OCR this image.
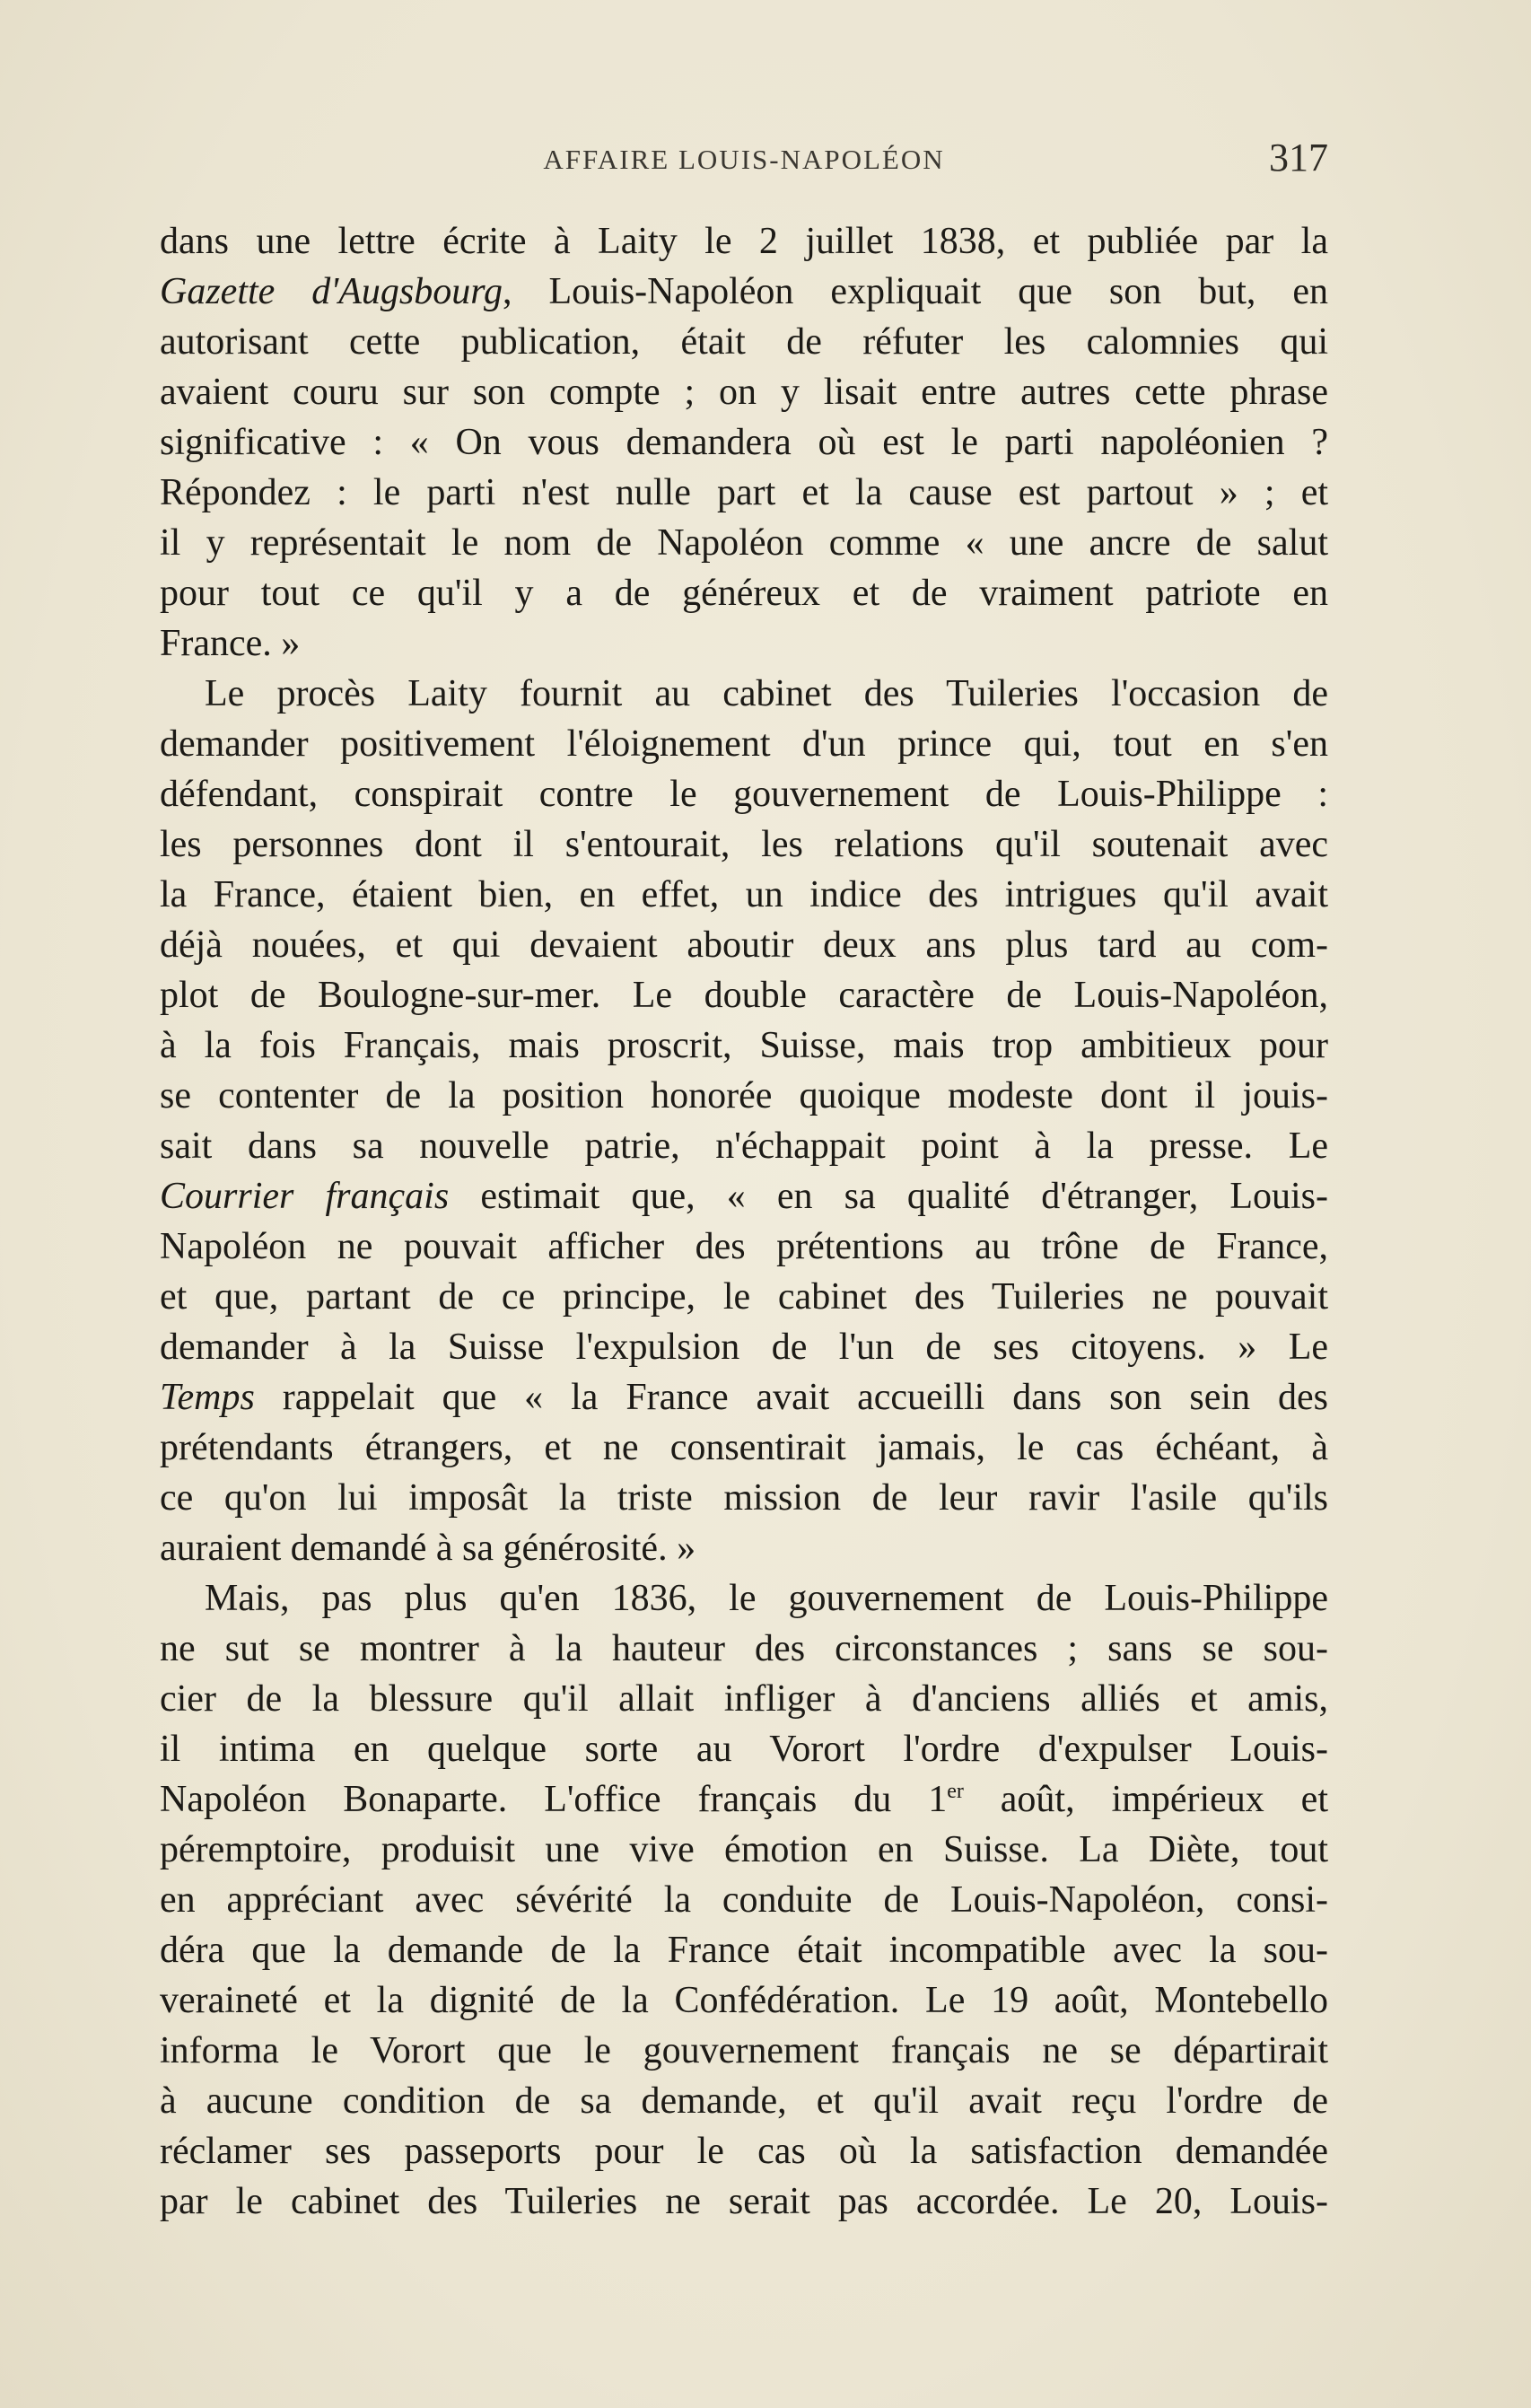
AFFAIRE LOUIS-NAPOLÉON	317
dans une lettre écrite à Laity le 2 juillet 1838, et publiée par la
Gazette d'Augsbourg, Louis-Napoléon expliquait que son but, en
autorisant cette publication, était de réfuter les calomnies qui
avaient couru sur son compte ; on y lisait entre autres cette phrase
significative : « On vous demandera où est le parti napoléonien ?
Répondez : le parti n'est nulle part et la cause est partout » ; et
il y représentait le nom de Napoléon comme « une ancre de salut
pour tout ce qu'il y a de généreux et de vraiment patriote en
France. »
Le procès Laity fournit au cabinet des Tuileries l'occasion de
demander positivement l'éloignement d'un prince qui, tout en s'en
défendant, conspirait contre le gouvernement de Louis-Philippe :
les personnes dont il s'entourait, les relations qu'il soutenait avec
la France, étaient bien, en effet, un indice des intrigues qu'il avait
déjà nouées, et qui devaient aboutir deux ans plus tard au com-
plot de Boulogne-sur-mer. Le double caractère de Louis-Napoléon,
à la fois Français, mais proscrit, Suisse, mais trop ambitieux pour
se contenter de la position honorée quoique modeste dont il jouis-
sait dans sa nouvelle patrie, n'échappait point à la presse. Le
Courrier français estimait que, « en sa qualité d'étranger, Louis-
Napoléon ne pouvait afficher des prétentions au trône de France,
et que, partant de ce principe, le cabinet des Tuileries ne pouvait
demander à la Suisse l'expulsion de l'un de ses citoyens. » Le
Temps rappelait que « la France avait accueilli dans son sein des
prétendants étrangers, et ne consentirait jamais, le cas échéant, à
ce qu'on lui imposât la triste mission de leur ravir l'asile qu'ils
auraient demandé à sa générosité. »
Mais, pas plus qu'en 1836, le gouvernement de Louis-Philippe
ne sut se montrer à la hauteur des circonstances ; sans se sou-
cier de la blessure qu'il allait infliger à d'anciens alliés et amis,
il intima en quelque sorte au Vorort l'ordre d'expulser Louis-
Napoléon Bonaparte. L'office français du 1er août, impérieux et
péremptoire, produisit une vive émotion en Suisse. La Diète, tout
en appréciant avec sévérité la conduite de Louis-Napoléon, consi-
déra que la demande de la France était incompatible avec la sou-
veraineté et la dignité de la Confédération. Le 19 août, Montebello
informa le Vorort que le gouvernement français ne se départirait
à aucune condition de sa demande, et qu'il avait reçu l'ordre de
réclamer ses passeports pour le cas où la satisfaction demandée
par le cabinet des Tuileries ne serait pas accordée. Le 20, Louis-
